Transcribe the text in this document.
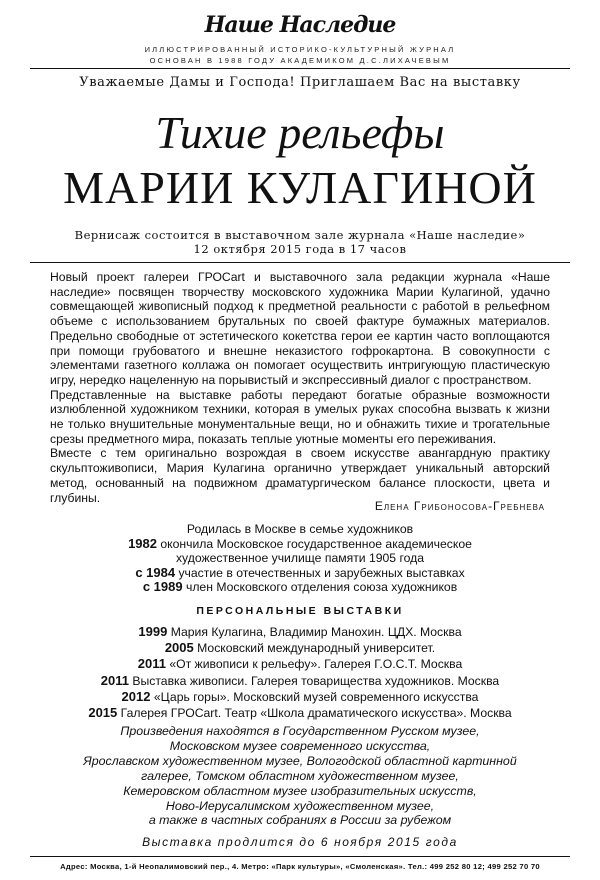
Наше Наследие
ИЛЛЮСТРИРОВАННЫЙ ИСТОРИКО-КУЛЬТУРНЫЙ ЖУРНАЛ
ОСНОВАН В 1988 ГОДУ АКАДЕМИКОМ Д.С.ЛИХАЧЕВЫМ
Уважаемые Дамы и Господа! Приглашаем Вас на выставку
Тихие рельефы
МАРИИ КУЛАГИНОЙ
Вернисаж состоится в выставочном зале журнала «Наше наследие»
12 октября 2015 года в 17 часов

Новый проект галереи ГРОСart и выставочного зала редакции журнала «Наше наследие» посвящен творчеству московского художника Марии Кулагиной, удачно совмещающей живописный подход к предметной реальности с работой в рельефном объеме с использованием брутальных по своей фактуре бумажных материалов. Предельно свободные от эстетического кокетства герои ее картин часто воплощаются при помощи грубоватого и внешне неказистого гофрокартона. В совокупности с элементами газетного коллажа он помогает осуществить интригующую пластическую игру, нередко нацеленную на порывистый и экспрессивный диалог с пространством.

Представленные на выставке работы передают богатые образные возможности излюбленной художником техники, которая в умелых руках способна вызвать к жизни не только внушительные монументальные вещи, но и обнажить тихие и трогательные срезы предметного мира, показать теплые уютные моменты его переживания.

Вместе с тем оригинально возрождая в своем искусстве авангардную практику скульптоживописи, Мария Кулагина органично утверждает уникальный авторский метод, основанный на подвижном драматургическом балансе плоскости, цвета и глубины.

Елена Грибоносова-Гребнева
Родилась в Москве в семье художников
1982 окончила Московское государственное академическое
художественное училище памяти 1905 года
с 1984 участие в отечественных и зарубежных выставках
с 1989 член Московского отделения союза художников
ПЕРСОНАЛЬНЫЕ ВЫСТАВКИ
1999 Мария Кулагина, Владимир Манохин. ЦДХ. Москва
2005 Московский международный университет.
2011 «От живописи к рельефу». Галерея Г.О.С.Т. Москва
2011 Выставка живописи. Галерея товарищества художников. Москва
2012 «Царь горы». Московский музей современного искусства
2015 Галерея ГРОСart. Театр «Школа драматического искусства». Москва
Произведения находятся в Государственном Русском музее,
Московском музее современного искусства,
Ярославском художественном музее, Вологодской областной картинной
галерее, Томском областном художественном музее,
Кемеровском областном музее изобразительных искусств,
Ново-Иерусалимском художественном музее,
а также в частных собраниях в России за рубежом
Выставка продлится до 6 ноября 2015 года
Адрес: Москва, 1-й Неопалимовский пер., 4. Метро: «Парк культуры», «Смоленская». Тел.: 499 252 80 12; 499 252 70 70
